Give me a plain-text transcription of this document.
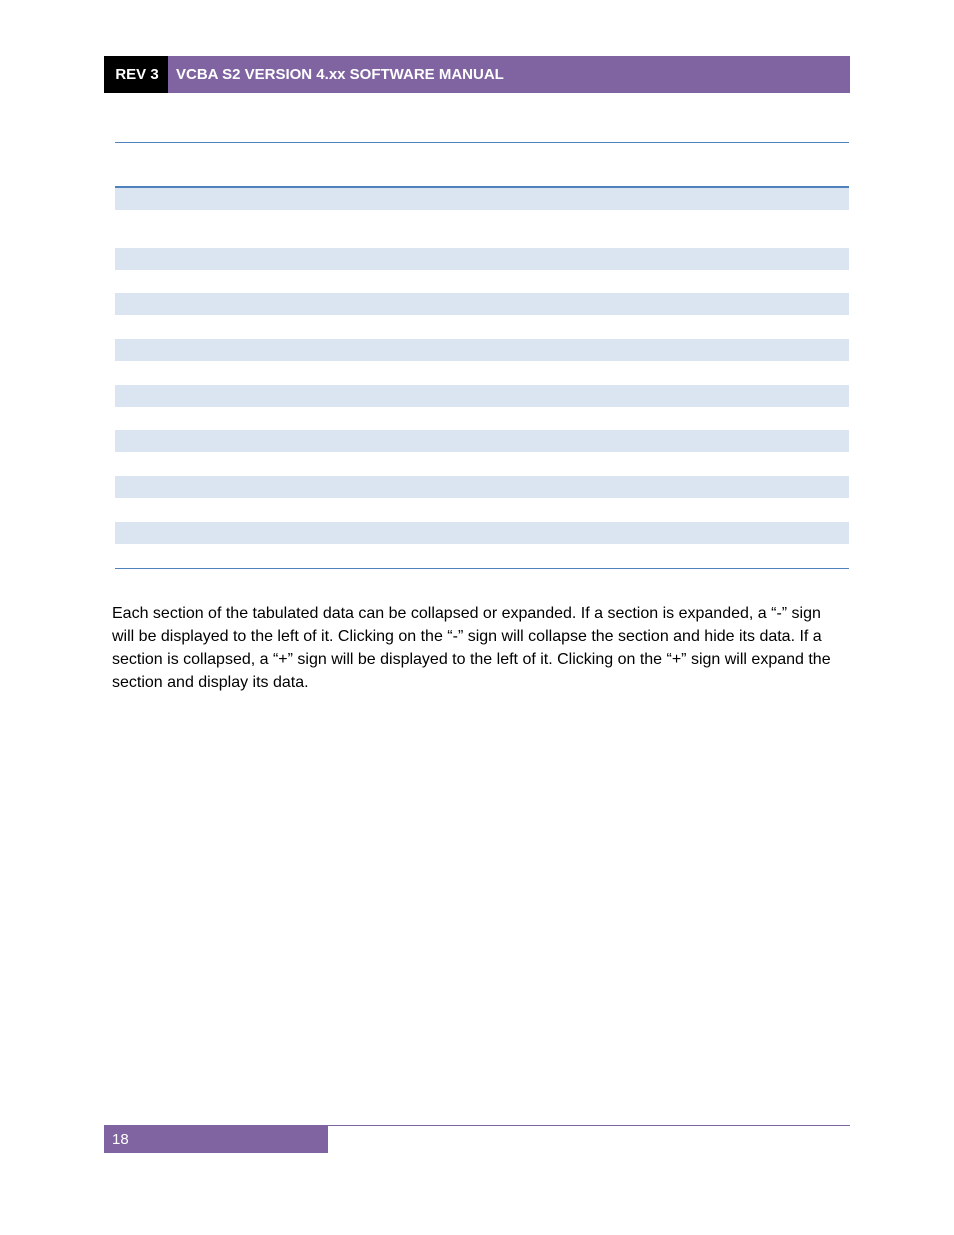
REV 3	VCBA S2 VERSION 4.xx SOFTWARE MANUAL

Each section of the tabulated data can be collapsed or expanded. If a section is expanded, a “-” sign will be displayed to the left of it. Clicking on the “-” sign will collapse the section and hide its data. If a section is collapsed, a “+” sign will be displayed to the left of it. Clicking on the “+” sign will expand the section and display its data.

18
